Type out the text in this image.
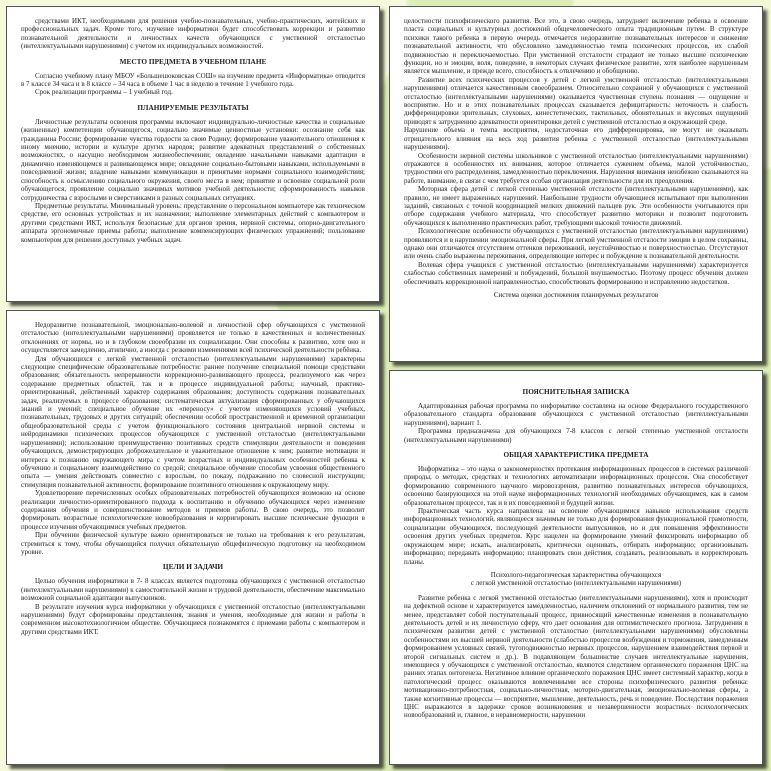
средствами ИКТ, необходимыми для решения учебно-познавательных, учебно-практических, житейских и профессиональных задач. Кроме того, изучение информатики будет способствовать коррекции и развитию познавательной деятельности и личностных качеств обучающихся с умственной отсталостью (интеллектуальными нарушениями) с учетом их индивидуальных возможностей.

МЕСТО ПРЕДМЕТА В УЧЕБНОМ ПЛАНЕ

Согласно учебному плану МБОУ «Большешоковская СОШ» на изучение предмета «Информатика» отводится в 7 классе 34 часа и в 8 классе – 34 часа в объеме 1 час в неделю в течение 1 учебного года.

Срок реализации программы – 1 учебный год.

ПЛАНИРУЕМЫЕ РЕЗУЛЬТАТЫ

Личностные результаты освоения программы включают индивидуально-личностные качества и социальные (жизненные) компетенции обучающегося, социально значимые ценностные установки: осознание себя как гражданина России; формирование чувства гордости за свою Родину; формирование уважительного отношения к иному мнению, истории и культуре других народов; развитие адекватных представлений о собственных возможностях, о насущно необходимом жизнеобеспечении; овладение начальными навыками адаптации в динамично изменяющемся и развивающемся мире; овладение социально-бытовыми навыками, используемыми в повседневной жизни; владение навыками коммуникации и принятыми нормами социального взаимодействия; способность к осмыслению социального окружения, своего места в нем; принятие и освоение социальной роли обучающегося, проявление социально значимых мотивов учебной деятельности; сформированность навыков сотрудничества с взрослыми и сверстниками в разных социальных ситуациях.

Предметные результаты. Минимальный уровень: представление о персональном компьютере как техническом средстве, его основных устройствах и их назначении; выполнение элементарных действий с компьютером и другими средствами ИКТ, используя безопасные для органов зрения, нервной системы, опорно-двигательного аппарата эргономичные приемы работы; выполнение компенсирующих физических упражнений; пользование компьютером для решения доступных учебных задач.

Недоразвитие познавательной, эмоционально-волевой и личностной сфер обучающихся с умственной отсталостью (интеллектуальными нарушениями) проявляется не только в качественных и количественных отклонениях от нормы, но и в глубоком своеобразии их социализации. Они способны к развитию, хотя оно и осуществляется замедленно, атипично, а иногда с резкими изменениями всей психической деятельности ребёнка.

Для обучающихся с легкой умственной отсталостью (интеллектуальными нарушениями) характерны следующие специфические образовательные потребности: раннее получение специальной помощи средствами образования; обязательность непрерывности коррекционно-развивающего процесса, реализуемого как через содержание предметных областей, так и в процессе индивидуальной работы; научный, практико-ориентированный, действенный характер содержания образования; доступность содержания познавательных задач, реализуемых в процессе образования; систематическая актуализация сформированных у обучающихся знаний и умений; специальное обучение их «переносу» с учетом изменяющихся условий учебных, познавательных, трудовых и других ситуаций; обеспечении особой пространственной и временной организации общеобразовательной среды с учетом функционального состояния центральной нервной системы и нейродинамики психических процессов обучающихся с умственной отсталостью (интеллектуальными нарушениями); использование преимущественно позитивных средств стимуляции деятельности и поведения обучающихся, демонстрирующих доброжелательное и уважительное отношение к ним; развитие мотивации и интереса к познанию окружающего мира с учетом возрастных и индивидуальных особенностей ребенка к обучению и социальному взаимодействию со средой; специальное обучение способам усвоения общественного опыта — умения действовать совместно с взрослым, по показу, подражанию по словесной инструкции; стимуляция познавательной активности, формирование позитивного отношения к окружающему миру.

Удовлетворение перечисленных особых образовательных потребностей обучающихся возможно на основе реализации личностно-ориентированного подхода к воспитанию и обучению обучающихся через изменение содержания обучения и совершенствование методов и приемов работы. В свою очередь, это позволит формировать возрастные психологические новообразования и корригировать высшие психические функции в процессе изучения обучающимися учебных предметов.

При обучении физической культуре важно ориентироваться не только на требования к его результатам, стремиться к тому, чтобы обучающийся получил обязательную общефизическую подготовку на необходимом уровне.

ЦЕЛИ И ЗАДАЧИ

Целью обучения информатики в 7- 8 классах является подготовка обучающихся с умственной отсталостью (интеллектуальными нарушениями) к самостоятельной жизни и трудовой деятельности, обеспечение максимально возможной социальной адаптации выпускников.

В результате изучения курса информатики у обучающихся с умственной отсталостью (интеллектуальными нарушениями) будут сформированы представления, знания и умения, необходимые для жизни и работы в современном высокотехнологичном обществе. Обучающиеся познакомятся с приемами работы с компьютером и другими средствами ИКТ.

целостности психофизического развития. Все это, в свою очередь, затрудняет включение ребенка в освоение пласта социальных и культурных достижений общечеловеческого опыта традиционным путем. В структуре психики такого ребенка в первую очередь отмечается недоразвитие познавательных интересов и снижение познавательной активности, что обусловлено замедленностью темпа психических процессов, их слабой подвижностью и переключаемостью. При умственной отсталости страдают не только высшие психические функции, но и эмоции, воля, поведение, в некоторых случаях физическое развитие, хотя наиболее нарушенным является мышление, и прежде всего, способность к отвлечению и обобщению.

Развитие всех психических процессов у детей с легкой умственной отсталостью (интеллектуальными нарушениями) отличается качественным своеобразием. Относительно сохранной у обучающихся с умственной отсталостью (интеллектуальными нарушениями) оказывается чувственная ступень познания — ощущение и восприятие. Но и в этих познавательных процессах сказывается дефицитарность: неточность и слабость дифференцировки зрительных, слуховых, кинестетических, тактильных, обонятельных и вкусовых ощущений приводят к затруднению адекватности ориентировки детей с умственной отсталостью в окружающей среде.

Нарушение объема и темпа восприятия, недостаточная его дифференцировка, не могут не оказывать отрицательного влияния на весь ход развития ребенка с умственной отсталостью (интеллектуальными нарушениями).

Особенности нервной системы школьников с умственной отсталостью (интеллектуальными нарушениями) отражаются в особенностях их внимания, которое отличается сужением объема, малой устойчивостью, трудностями его распределения, замедленностью переключения. Нарушения внимания неизбежно сказываются на работе, внимание, в связи с чем требуется особая организация деятельности для их преодоления.

Моторная сфера детей с легкой степенью умственной отсталости (интеллектуальными нарушениями), как правило, не имеет выраженных нарушений. Наибольшие трудности обучающиеся испытывают при выполнении заданий, связанных с точной координацией мелких движений пальцев рук. Эти особенности учитываются при отборе содержания учебного материала, что способствует развитию моторики и позволит подготовить обучающихся к выполнению практических работ, требующими высокой точности движений.

Психологические особенности обучающихся с умственной отсталостью (интеллектуальными нарушениями) проявляются и в нарушении эмоциональной сферы. При легкой умственной отсталости эмоции в целом сохранны, однако они отличаются отсутствием оттенков переживаний, неустойчивостью и поверхностностью. Отсутствуют или очень слабо выражены переживания, определяющие интерес и побуждение к познавательной деятельности.

Волевая сфера учащихся с умственной отсталостью (интеллектуальными нарушениями) характеризуется слабостью собственных намерений и побуждений, большой внушаемостью. Поэтому процесс обучения должен обеспечивать коррекционной направленностью, способствовать формированию и исправлению недостатков.

Система оценки достижения планируемых результатов

ПОЯСНИТЕЛЬНАЯ ЗАПИСКА

Адаптированная рабочая программа по информатике составлена на основе Федерального государственного образовательного стандарта образования обучающихся с умственной отсталостью (интеллектуальными нарушениями), вариант 1.

Программа предназначена для обучающихся 7-8 классов с легкой степенью умственной отсталости (интеллектуальными нарушениями)

ОБЩАЯ ХАРАКТЕРИСТИКА ПРЕДМЕТА

Информатика – это наука о закономерностях протекания информационных процессов в системах различной природы, о методах, средствах и технологиях автоматизации информационных процессов. Она способствует формированию современного научного мировоззрения, развитию познавательных интересов обучающихся, освоению базирующихся на этой науке информационных технологий необходимых обучающимся, как в самом образовательном процессе, так и в их повседневной и будущей жизни.

Практическая часть курса направлена на освоение обучающимися навыков использования средств информационных технологий, являющееся значимым не только для формирования функциональной грамотности, социализации обучающихся, последующей деятельности выпускников, но и для повышения эффективности освоения других учебных предметов. Курс нацелен на формирование умений фиксировать информацию об окружающем мире; искать, анализировать, критически оценивать, отбирать информацию; организовывать информацию; передавать информацию; планировать свои действия, создавать, реализовывать и корректировать планы.

Психолого-педагогическая характеристика обучающихся

с легкой умственной отсталостью (интеллектуальными нарушениями)

Развитие ребенка с легкой умственной отсталостью (интеллектуальными нарушениями), хотя и происходит на дефектной основе и характеризуется замедленностью, наличием отклонений от нормального развития, тем не менее, представляет собой поступательный процесс, привносящий качественные изменения в познавательную деятельность детей и их личностную сферу, что дает основания для оптимистического прогноза. Затруднения в психическом развитии детей с умственной отсталостью (интеллектуальными нарушениями) обусловлены особенностями их высшей нервной деятельности (слабостью процессов возбуждения и торможения, замедленным формированием условных связей, тугоподвижностью нервных процессов, нарушением взаимодействия первой и второй сигнальных систем и др.). В подавляющем большинстве случаев интеллектуальные нарушения, имеющиеся у обучающихся с умственной отсталостью, являются следствием органического поражения ЦНС на ранних этапах онтогенеза. Негативное влияние органического поражения ЦНС имеет системный характер, когда в патологический процесс оказываются вовлеченными все стороны психофизического развития ребенка: мотивационно-потребностная, социально-личностная, моторно-двигательная, эмоционально-волевая сферы, а также когнитивные процессы — восприятие, мышление, деятельность, речь и поведение. Последствия поражения ЦНС выражаются в задержке сроков возникновения и незавершенности возрастных психологических новообразований и, главное, в неравномерности, нарушении
